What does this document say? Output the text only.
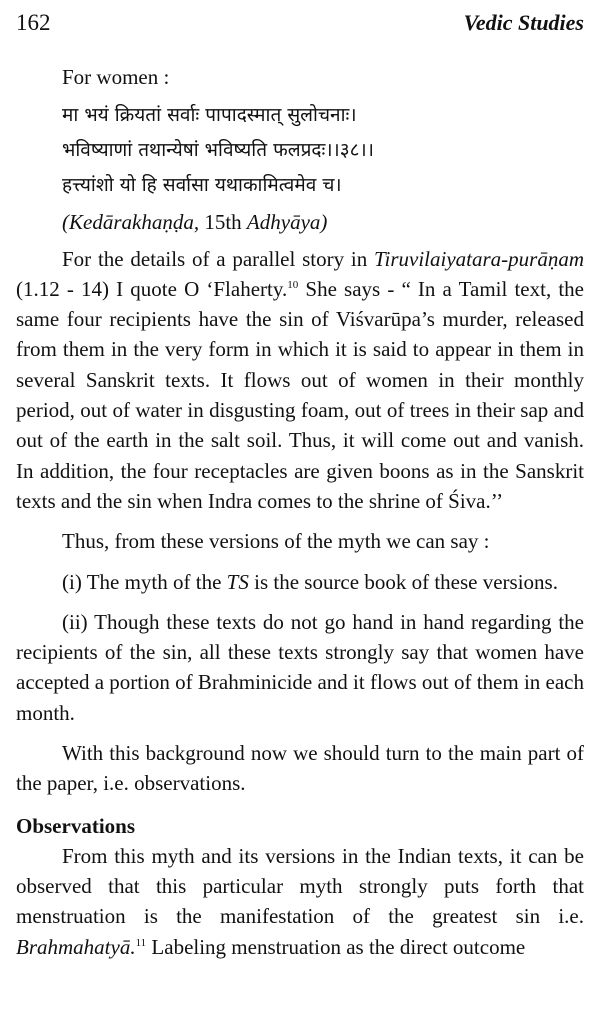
162	Vedic Studies

For women :

मा भयं क्रियतां सर्वाः पापादस्मात् सुलोचनाः।

भविष्याणां तथान्येषां भविष्यति फलप्रदः।।३८।।

हत्त्यांशो यो हि सर्वासा यथाकामित्वमेव च।

(Kedārakhaṇḍa, 15th Adhyāya)

For the details of a parallel story in Tiruvilaiyatara-purāṇam (1.12 - 14) I quote O ‘Flaherty.$^{10}$ She says - “ In a Tamil text, the same four recipients have the sin of Viśvarūpa’s murder, released from them in the very form in which it is said to appear in them in several Sanskrit texts. It flows out of women in their monthly period, out of water in disgusting foam, out of trees in their sap and out of the earth in the salt soil. Thus, it will come out and vanish. In addition, the four receptacles are given boons as in the Sanskrit texts and the sin when Indra comes to the shrine of Śiva.’’

Thus, from these versions of the myth we can say :

(i) The myth of the TS is the source book of these versions.

(ii) Though these texts do not go hand in hand regarding the recipients of the sin, all these texts strongly say that women have accepted a portion of Brahminicide and it flows out of them in each month.

With this background now we should turn to the main part of the paper, i.e. observations.

Observations

From this myth and its versions in the Indian texts, it can be observed that this particular myth strongly puts forth that menstruation is the manifestation of the greatest sin i.e. Brahmahatyā.$^{11}$ Labeling menstruation as the direct outcome
